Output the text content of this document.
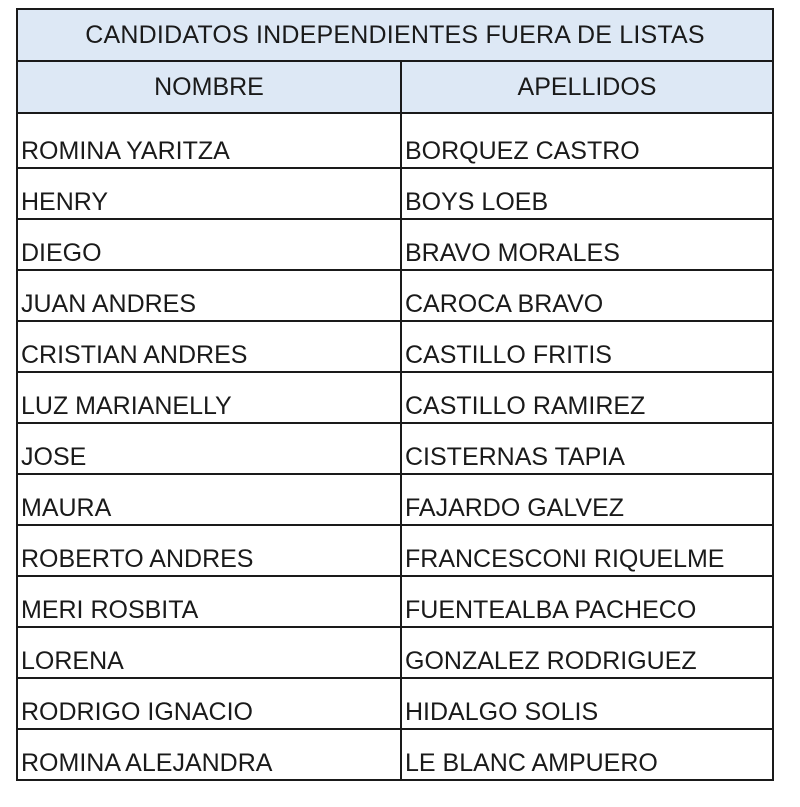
CANDIDATOS INDEPENDIENTES FUERA DE LISTAS	
NOMBRE	APELLIDOS
ROMINA YARITZA	BORQUEZ CASTRO
HENRY	BOYS LOEB
DIEGO	BRAVO MORALES
JUAN ANDRES	CAROCA BRAVO
CRISTIAN ANDRES	CASTILLO FRITIS
LUZ MARIANELLY	CASTILLO RAMIREZ
JOSE	CISTERNAS TAPIA
MAURA	FAJARDO GALVEZ
ROBERTO ANDRES	FRANCESCONI RIQUELME
MERI ROSBITA	FUENTEALBA PACHECO
LORENA	GONZALEZ RODRIGUEZ
RODRIGO IGNACIO	HIDALGO SOLIS
ROMINA ALEJANDRA	LE BLANC AMPUERO
